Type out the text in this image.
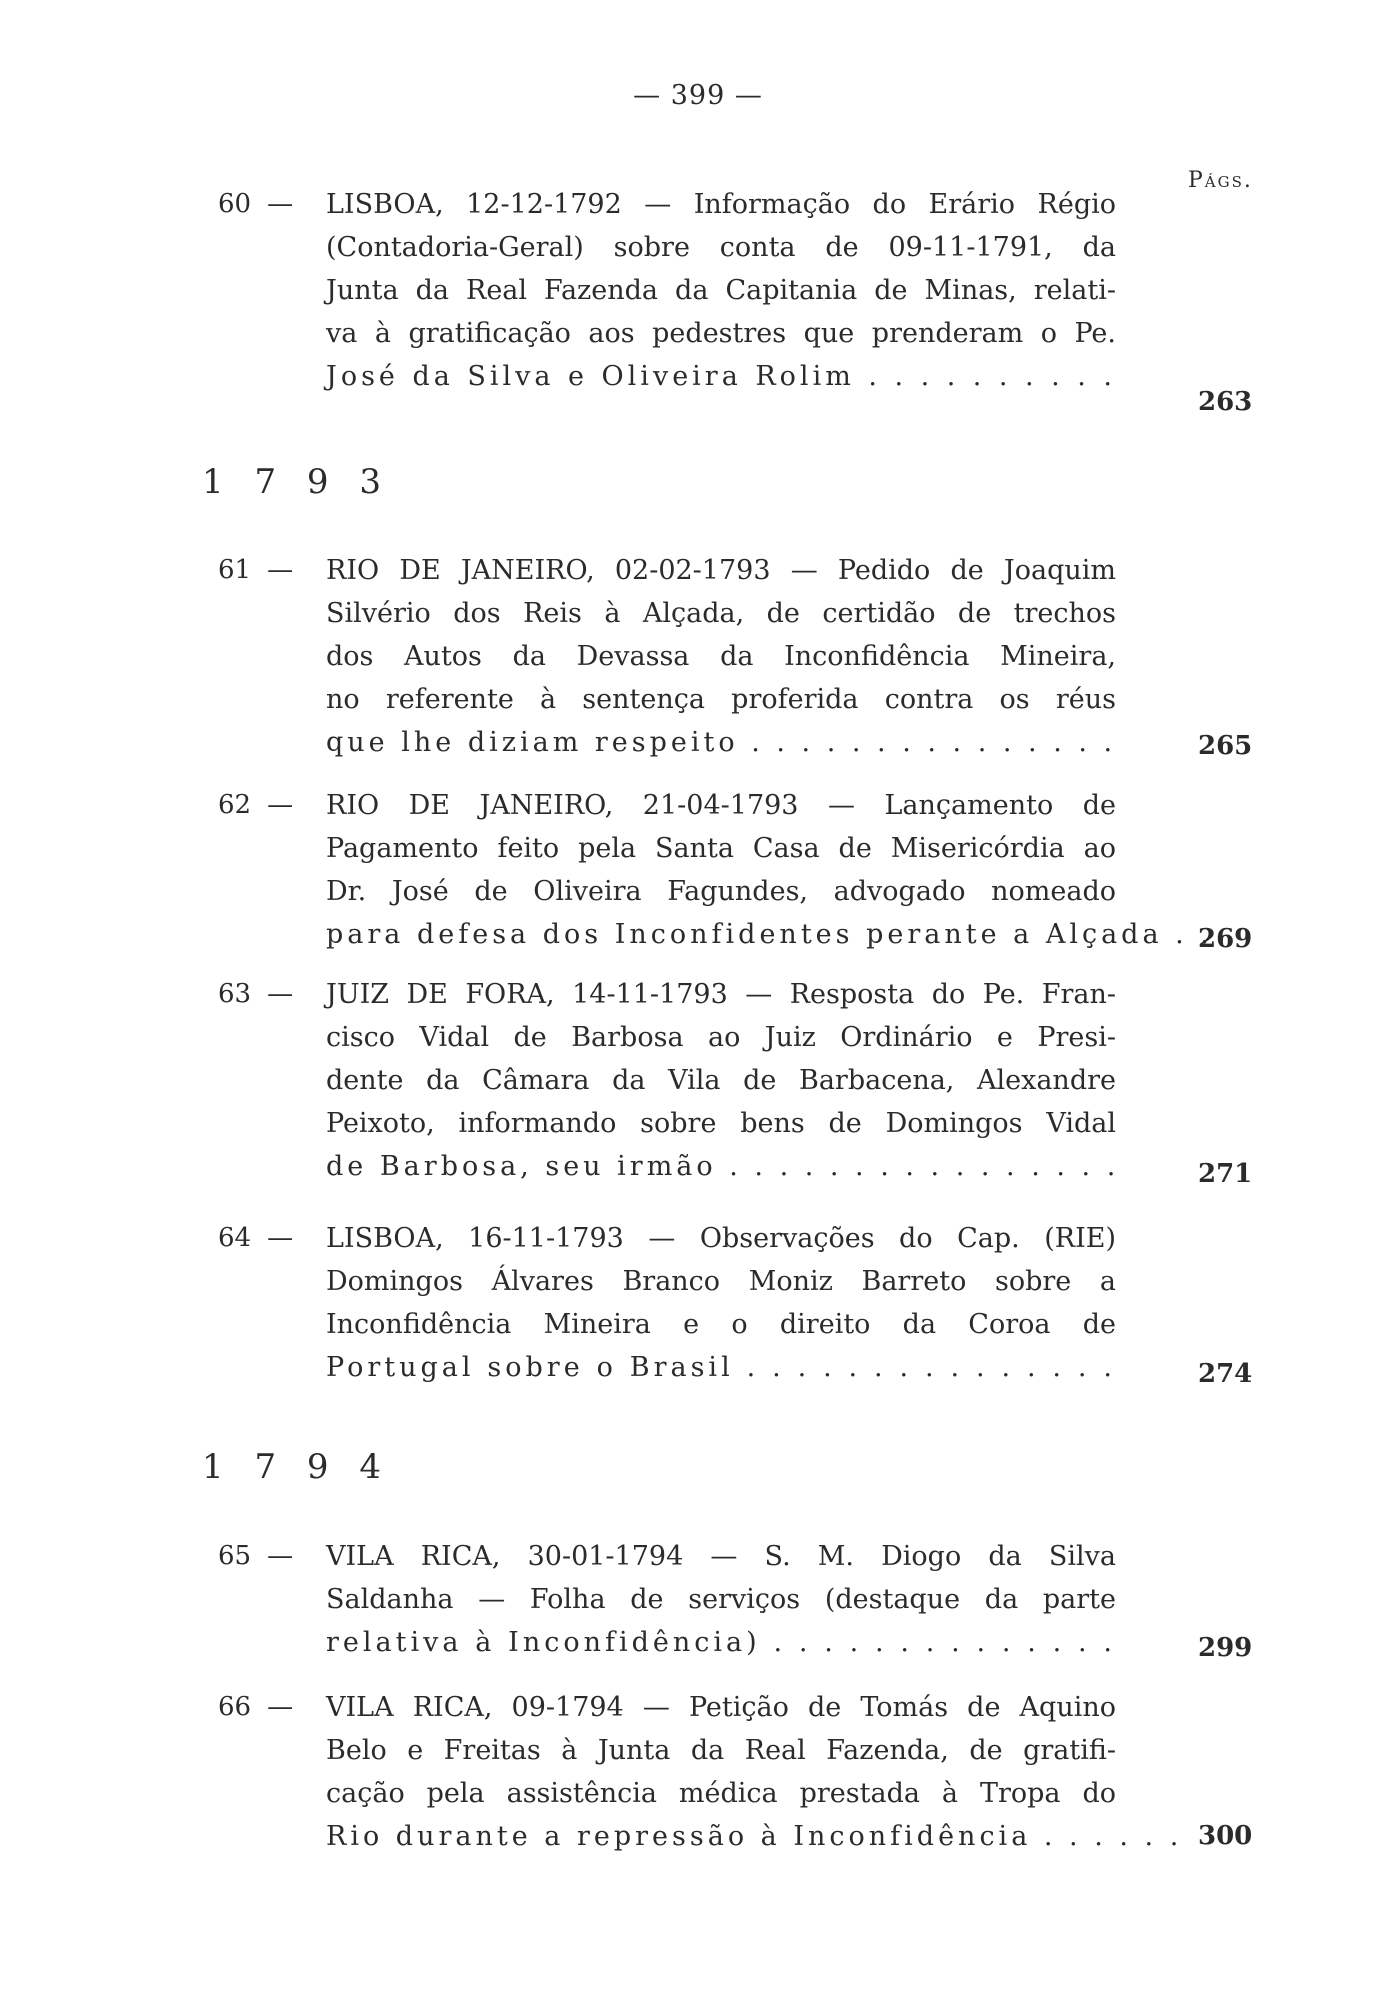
— 399 —
Págs.
60 — LISBOA, 12-12-1792 — Informação do Erário Régio
(Contadoria-Geral) sobre conta de 09-11-1791, da
Junta da Real Fazenda da Capitania de Minas, relati-
va à gratificação aos pedestres que prenderam o Pe.
José da Silva e Oliveira Rolim . . . . . . . . . .
263
1 7 9 3
61 — RIO DE JANEIRO, 02-02-1793 — Pedido de Joaquim
Silvério dos Reis à Alçada, de certidão de trechos
dos Autos da Devassa da Inconfidência Mineira,
no referente à sentença proferida contra os réus
que lhe diziam respeito . . . . . . . . . . . . . . .	265
62 — RIO DE JANEIRO, 21-04-1793 — Lançamento de
Pagamento feito pela Santa Casa de Misericórdia ao
Dr. José de Oliveira Fagundes, advogado nomeado
para defesa dos Inconfidentes perante a Alçada . .
269
63 — JUIZ DE FORA, 14-11-1793 — Resposta do Pe. Fran-
cisco Vidal de Barbosa ao Juiz Ordinário e Presi-
dente da Câmara da Vila de Barbacena, Alexandre
Peixoto, informando sobre bens de Domingos Vidal
de Barbosa, seu irmão . . . . . . . . . . . . . . . .	271
64 — LISBOA, 16-11-1793 — Observações do Cap. (RIE)
Domingos Álvares Branco Moniz Barreto sobre a
Inconfidência Mineira e o direito da Coroa de
Portugal sobre o Brasil . . . . . . . . . . . . . . .	274
1 7 9 4
65 — VILA RICA, 30-01-1794 — S. M. Diogo da Silva
Saldanha — Folha de serviços (destaque da parte
relativa à Inconfidência) . . . . . . . . . . . . . .	299
66 — VILA RICA, 09-1794 — Petição de Tomás de Aquino
Belo e Freitas à Junta da Real Fazenda, de gratifi-
cação pela assistência médica prestada à Tropa do
Rio durante a repressão à Inconfidência . . . . . . 300
